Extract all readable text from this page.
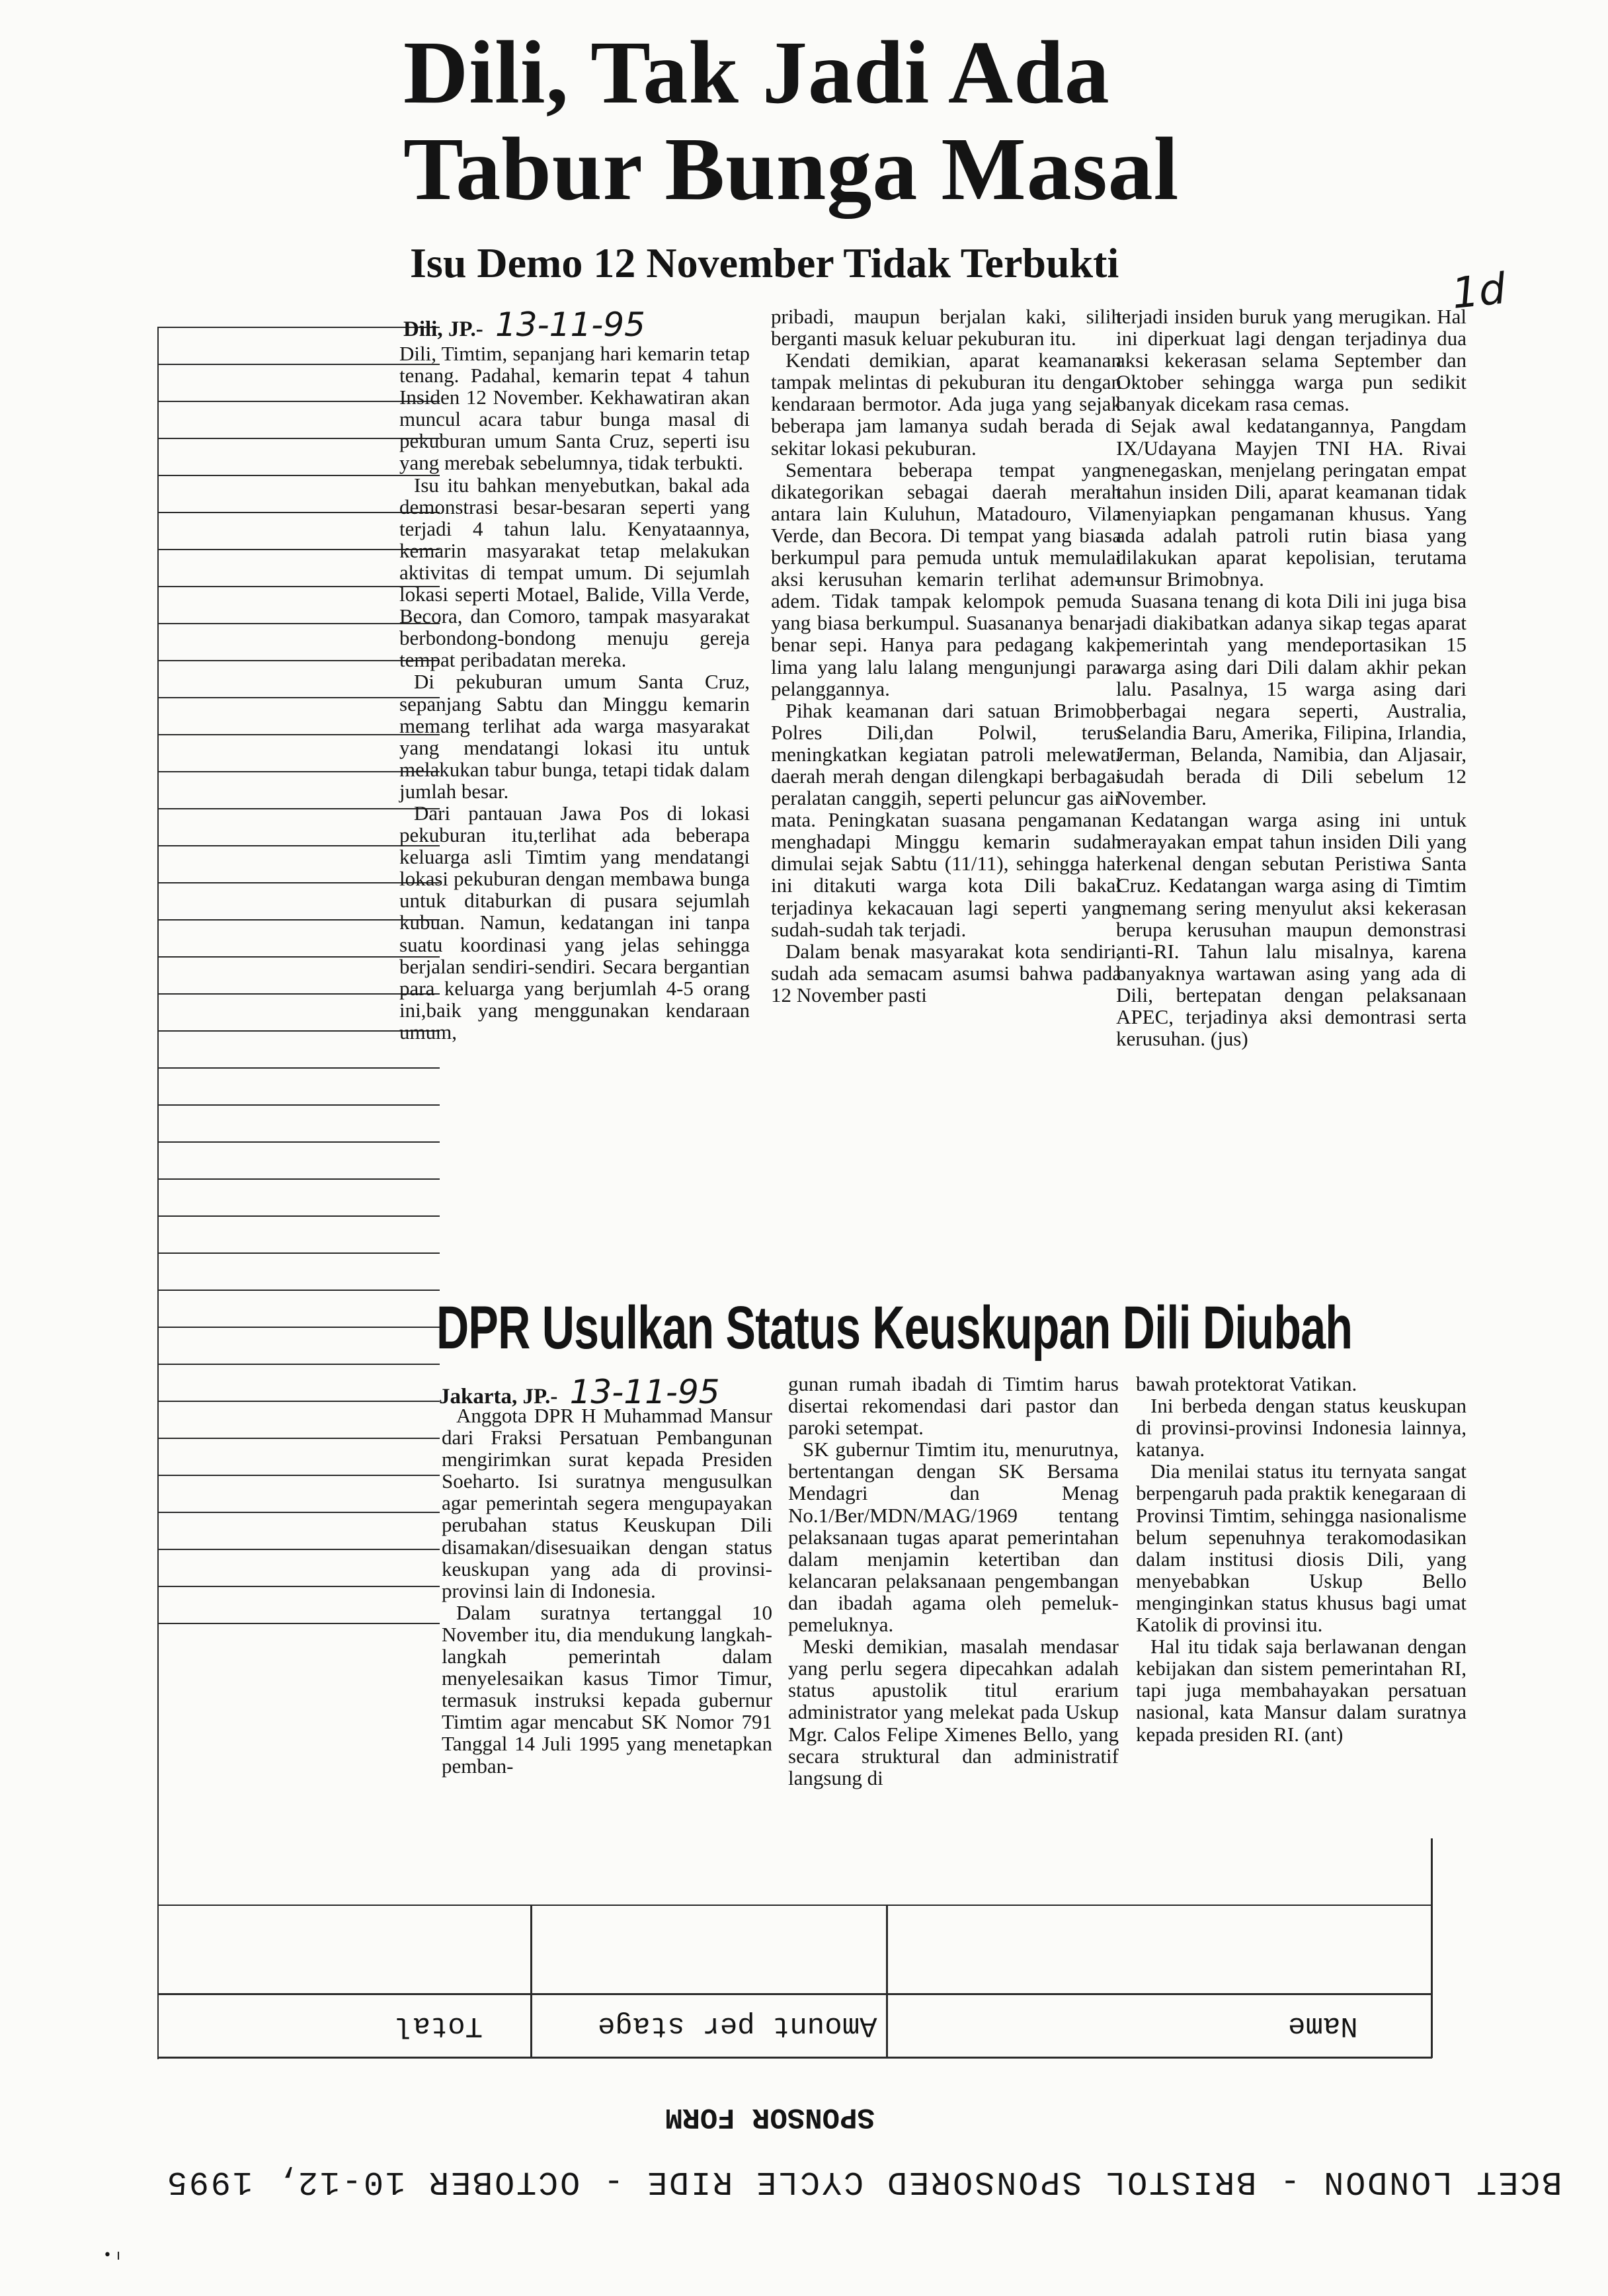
Dili, Tak Jadi Ada
Tabur Bunga Masal
Isu Demo 12 November Tidak Terbukti
1d
Dili, JP.- 13-11-95

Dili, Timtim, sepanjang hari kemarin tetap tenang. Padahal, kemarin tepat 4 tahun Insiden 12 November. Kekhawatiran akan muncul acara tabur bunga masal di pekuburan umum Santa Cruz, seperti isu yang merebak sebelumnya, tidak terbukti.

Isu itu bahkan menyebutkan, bakal ada demonstrasi besar-besaran seperti yang terjadi 4 tahun lalu. Kenyataannya, kemarin masyarakat tetap melakukan aktivitas di tempat umum. Di sejumlah lokasi seperti Motael, Balide, Villa Verde, Becora, dan Comoro, tampak masyarakat berbondong-bondong menuju gereja tempat peribadatan mereka.

Di pekuburan umum Santa Cruz, sepanjang Sabtu dan Minggu kemarin memang terlihat ada warga masyarakat yang mendatangi lokasi itu untuk melakukan tabur bunga, tetapi tidak dalam jumlah besar.

Dari pantauan Jawa Pos di lokasi pekuburan itu,terlihat ada beberapa keluarga asli Timtim yang mendatangi lokasi pekuburan dengan membawa bunga untuk ditaburkan di pusara sejumlah kubuan. Namun, kedatangan ini tanpa suatu koordinasi yang jelas sehingga berjalan sendiri-sendiri. Secara bergantian para keluarga yang berjumlah 4-5 orang ini,baik yang menggunakan kendaraan umum,

pribadi, maupun berjalan kaki, silih berganti masuk keluar pekuburan itu.

Kendati demikian, aparat keamanan tampak melintas di pekuburan itu dengan kendaraan bermotor. Ada juga yang sejak beberapa jam lamanya sudah berada di sekitar lokasi pekuburan.

Sementara beberapa tempat yang dikategorikan sebagai daerah merah antara lain Kuluhun, Matadouro, Vila Verde, dan Becora. Di tempat yang biasa berkumpul para pemuda untuk memulai aksi kerusuhan kemarin terlihat adem-adem. Tidak tampak kelompok pemuda yang biasa berkumpul. Suasananya benar-benar sepi. Hanya para pedagang kaki lima yang lalu lalang mengunjungi para pelanggannya.

Pihak keamanan dari satuan Brimob, Polres Dili,dan Polwil, terus meningkatkan kegiatan patroli melewati daerah merah dengan dilengkapi berbagai peralatan canggih, seperti peluncur gas air mata. Peningkatan suasana pengamanan menghadapi Minggu kemarin sudah dimulai sejak Sabtu (11/11), sehingga hal ini ditakuti warga kota Dili bakal terjadinya kekacauan lagi seperti yang sudah-sudah tak terjadi.

Dalam benak masyarakat kota sendiri, sudah ada semacam asumsi bahwa pada 12 November pasti

terjadi insiden buruk yang merugikan. Hal ini diperkuat lagi dengan terjadinya dua aksi kekerasan selama September dan Oktober sehingga warga pun sedikit banyak dicekam rasa cemas.

Sejak awal kedatangannya, Pangdam IX/Udayana Mayjen TNI HA. Rivai menegaskan, menjelang peringatan empat tahun insiden Dili, aparat keamanan tidak menyiapkan pengamanan khusus. Yang ada adalah patroli rutin biasa yang dilakukan aparat kepolisian, terutama unsur Brimobnya.

Suasana tenang di kota Dili ini juga bisa jadi diakibatkan adanya sikap tegas aparat pemerintah yang mendeportasikan 15 warga asing dari Dili dalam akhir pekan lalu. Pasalnya, 15 warga asing dari berbagai negara seperti, Australia, Selandia Baru, Amerika, Filipina, Irlandia, Jerman, Belanda, Namibia, dan Aljasair, sudah berada di Dili sebelum 12 November.

Kedatangan warga asing ini untuk merayakan empat tahun insiden Dili yang terkenal dengan sebutan Peristiwa Santa Cruz. Kedatangan warga asing di Timtim memang sering menyulut aksi kekerasan berupa kerusuhan maupun demonstrasi anti-RI. Tahun lalu misalnya, karena banyaknya wartawan asing yang ada di Dili, bertepatan dengan pelaksanaan APEC, terjadinya aksi demontrasi serta kerusuhan. (jus)

DPR Usulkan Status Keuskupan Dili Diubah
Jakarta, JP.- 13-11-95

Anggota DPR H Muhammad Mansur dari Fraksi Persatuan Pembangunan mengirimkan surat kepada Presiden Soeharto. Isi suratnya mengusulkan agar pemerintah segera mengupayakan perubahan status Keuskupan Dili disamakan/disesuaikan dengan status keuskupan yang ada di provinsi-provinsi lain di Indonesia.

Dalam suratnya tertanggal 10 November itu, dia mendukung langkah-langkah pemerintah dalam menyelesaikan kasus Timor Timur, termasuk instruksi kepada gubernur Timtim agar mencabut SK Nomor 791 Tanggal 14 Juli 1995 yang menetapkan pemban-

gunan rumah ibadah di Timtim harus disertai rekomendasi dari pastor dan paroki setempat.

SK gubernur Timtim itu, menurutnya, bertentangan dengan SK Bersama Mendagri dan Menag No.1/Ber/MDN/MAG/1969 tentang pelaksanaan tugas aparat pemerintahan dalam menjamin ketertiban dan kelancaran pelaksanaan pengembangan dan ibadah agama oleh pemeluk-pemeluknya.

Meski demikian, masalah mendasar yang perlu segera dipecahkan adalah status apustolik titul erarium administrator yang melekat pada Uskup Mgr. Calos Felipe Ximenes Bello, yang secara struktural dan administratif langsung di

bawah protektorat Vatikan.

Ini berbeda dengan status keuskupan di provinsi-provinsi Indonesia lainnya, katanya.

Dia menilai status itu ternyata sangat berpengaruh pada praktik kenegaraan di Provinsi Timtim, sehingga nasionalisme belum sepenuhnya terakomodasikan dalam institusi diosis Dili, yang menyebabkan Uskup Bello menginginkan status khusus bagi umat Katolik di provinsi itu.

Hal itu tidak saja berlawanan dengan kebijakan dan sistem pemerintahan RI, tapi juga membahayakan persatuan nasional, kata Mansur dalam suratnya kepada presiden RI. (ant)

Total	Amount per stage	Name
SPONSOR FORM
BCET LONDON - BRISTOL SPONSORED CYCLE RIDE - OCTOBER 10-12, 1995
• ı
